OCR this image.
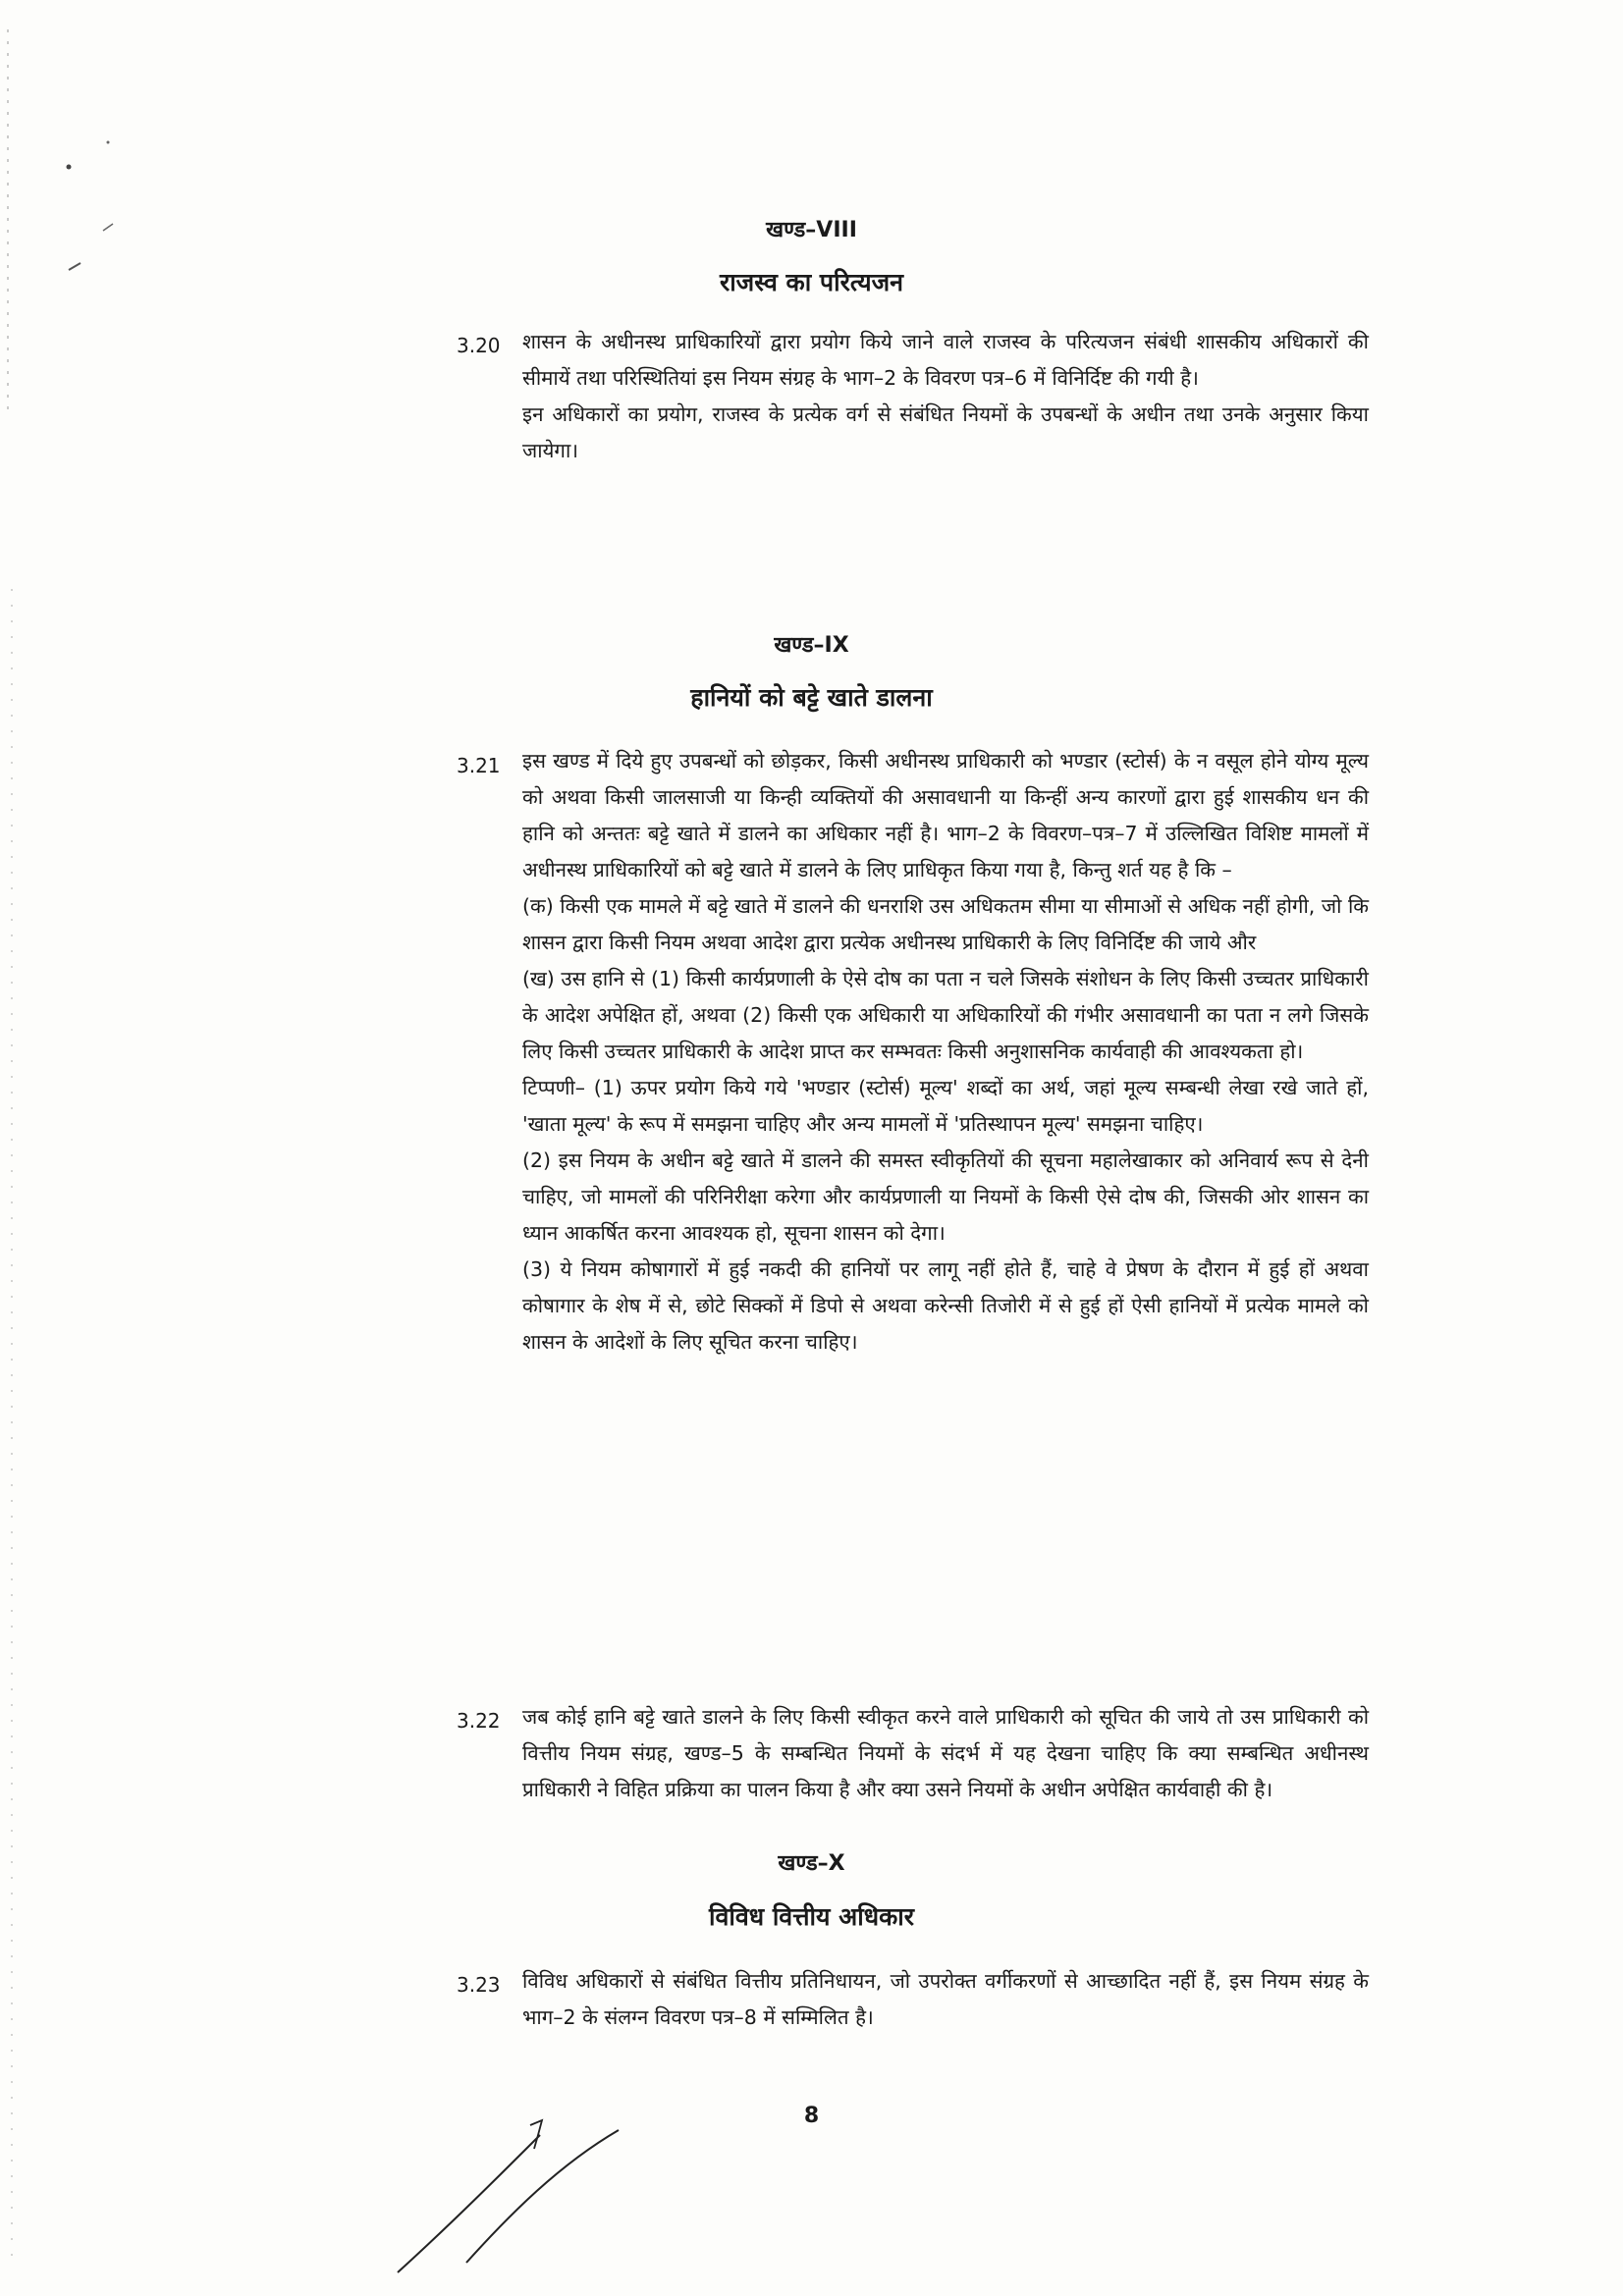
खण्ड–VIII
राजस्व का परित्यजन
3.20 शासन के अधीनस्थ प्राधिकारियों द्वारा प्रयोग किये जाने वाले राजस्व के परित्यजन संबंधी शासकीय अधिकारों की सीमायें तथा परिस्थितियां इस नियम संग्रह के भाग–2 के विवरण पत्र–6 में विनिर्दिष्ट की गयी है।

इन अधिकारों का प्रयोग, राजस्व के प्रत्येक वर्ग से संबंधित नियमों के उपबन्धों के अधीन तथा उनके अनुसार किया जायेगा।

खण्ड–IX
हानियों को बट्टे खाते डालना
3.21 इस खण्ड में दिये हुए उपबन्धों को छोड़कर, किसी अधीनस्थ प्राधिकारी को भण्डार (स्टोर्स) के न वसूल होने योग्य मूल्य को अथवा किसी जालसाजी या किन्ही व्यक्तियों की असावधानी या किन्हीं अन्य कारणों द्वारा हुई शासकीय धन की हानि को अन्ततः बट्टे खाते में डालने का अधिकार नहीं है। भाग–2 के विवरण–पत्र–7 में उल्लिखित विशिष्ट मामलों में अधीनस्थ प्राधिकारियों को बट्टे खाते में डालने के लिए प्राधिकृत किया गया है, किन्तु शर्त यह है कि –

(क) किसी एक मामले में बट्टे खाते में डालने की धनराशि उस अधिकतम सीमा या सीमाओं से अधिक नहीं होगी, जो कि शासन द्वारा किसी नियम अथवा आदेश द्वारा प्रत्येक अधीनस्थ प्राधिकारी के लिए विनिर्दिष्ट की जाये और

(ख) उस हानि से (1) किसी कार्यप्रणाली के ऐसे दोष का पता न चले जिसके संशोधन के लिए किसी उच्चतर प्राधिकारी के आदेश अपेक्षित हों, अथवा (2) किसी एक अधिकारी या अधिकारियों की गंभीर असावधानी का पता न लगे जिसके लिए किसी उच्चतर प्राधिकारी के आदेश प्राप्त कर सम्भवतः किसी अनुशासनिक कार्यवाही की आवश्यकता हो।

टिप्पणी– (1) ऊपर प्रयोग किये गये 'भण्डार (स्टोर्स) मूल्य' शब्दों का अर्थ, जहां मूल्य सम्बन्धी लेखा रखे जाते हों, 'खाता मूल्य' के रूप में समझना चाहिए और अन्य मामलों में 'प्रतिस्थापन मूल्य' समझना चाहिए।

(2) इस नियम के अधीन बट्टे खाते में डालने की समस्त स्वीकृतियों की सूचना महालेखाकार को अनिवार्य रूप से देनी चाहिए, जो मामलों की परिनिरीक्षा करेगा और कार्यप्रणाली या नियमों के किसी ऐसे दोष की, जिसकी ओर शासन का ध्यान आकर्षित करना आवश्यक हो, सूचना शासन को देगा।

(3) ये नियम कोषागारों में हुई नकदी की हानियों पर लागू नहीं होते हैं, चाहे वे प्रेषण के दौरान में हुई हों अथवा कोषागार के शेष में से, छोटे सिक्कों में डिपो से अथवा करेन्सी तिजोरी में से हुई हों ऐसी हानियों में प्रत्येक मामले को शासन के आदेशों के लिए सूचित करना चाहिए।

3.22 जब कोई हानि बट्टे खाते डालने के लिए किसी स्वीकृत करने वाले प्राधिकारी को सूचित की जाये तो उस प्राधिकारी को वित्तीय नियम संग्रह, खण्ड–5 के सम्बन्धित नियमों के संदर्भ में यह देखना चाहिए कि क्या सम्बन्धित अधीनस्थ प्राधिकारी ने विहित प्रक्रिया का पालन किया है और क्या उसने नियमों के अधीन अपेक्षित कार्यवाही की है।

खण्ड–X
विविध वित्तीय अधिकार
3.23 विविध अधिकारों से संबंधित वित्तीय प्रतिनिधायन, जो उपरोक्त वर्गीकरणों से आच्छादित नहीं हैं, इस नियम संग्रह के भाग–2 के संलग्न विवरण पत्र–8 में सम्मिलित है।

8
